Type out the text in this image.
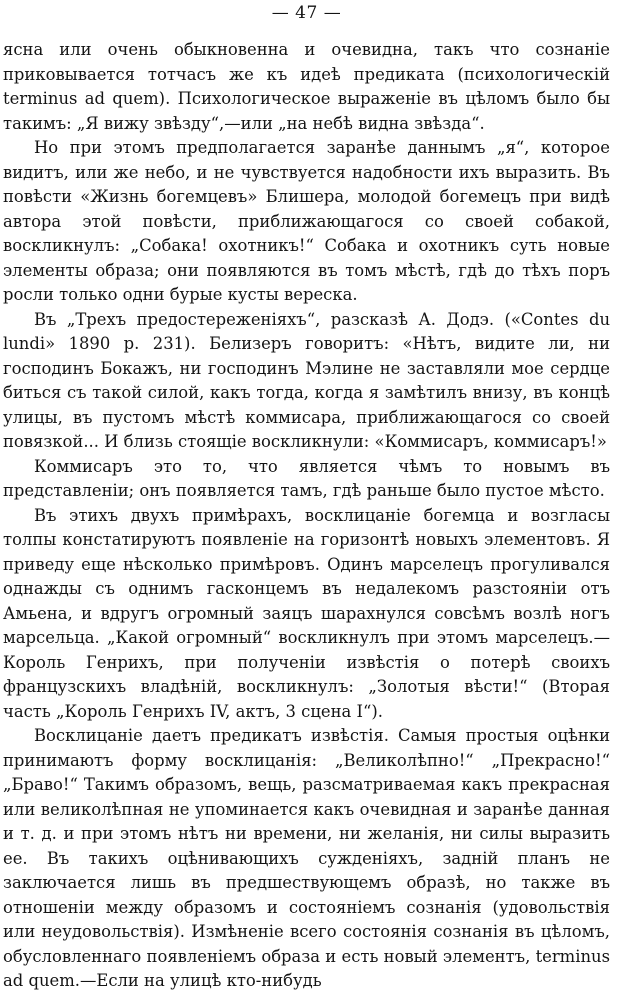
— 47 —

ясна или очень обыкновенна и очевидна, такъ что сознаніе приковывается тотчасъ же къ идеѣ предиката (психологическій terminus ad quem). Психологическое выраженіе въ цѣломъ было бы такимъ: „Я вижу звѣзду“,—или „на небѣ видна звѣзда“.

Но при этомъ предполагается заранѣе даннымъ „я“, которое видитъ, или же небо, и не чувствуется надобности ихъ выразить. Въ повѣсти «Жизнь богемцевъ» Блишера, молодой богемецъ при видѣ автора этой повѣсти, приближающагося со своей собакой, воскликнулъ: „Собака! охотникъ!“ Собака и охотникъ суть новые элементы образа; они появляются въ томъ мѣстѣ, гдѣ до тѣхъ поръ росли только одни бурые кусты вереска.

Въ „Трехъ предостереженіяхъ“, разсказѣ А. Додэ. («Contes du lundi» 1890 p. 231). Белизеръ говоритъ: «Нѣтъ, видите ли, ни господинъ Бокажъ, ни господинъ Мэлине не заставляли мое сердце биться съ такой силой, какъ тогда, когда я замѣтилъ внизу, въ концѣ улицы, въ пустомъ мѣстѣ коммисара, приближающагося со своей повязкой... И близь стоящіе воскликнули: «Коммисаръ, коммисаръ!»

Коммисаръ это то, что является чѣмъ то новымъ въ представленіи; онъ появляется тамъ, гдѣ раньше было пустое мѣсто.

Въ этихъ двухъ примѣрахъ, восклицаніе богемца и возгласы толпы констатируютъ появленіе на горизонтѣ новыхъ элементовъ. Я приведу еще нѣсколько примѣровъ. Одинъ марселецъ прогуливался однажды съ однимъ гасконцемъ въ недалекомъ разстояніи отъ Амьена, и вдругъ огромный заяцъ шарахнулся совсѣмъ возлѣ ногъ марсельца. „Какой огромный“ воскликнулъ при этомъ марселецъ.—Король Генрихъ, при полученіи извѣстія о потерѣ своихъ французскихъ владѣній, воскликнулъ: „Золотыя вѣсти!“ (Вторая часть „Король Генрихъ IV, актъ, 3 сцена I“).

Восклицаніе даетъ предикатъ извѣстія. Самыя простыя оцѣнки принимаютъ форму восклицанія: „Великолѣпно!“ „Прекрасно!“ „Браво!“ Такимъ образомъ, вещь, разсматриваемая какъ прекрасная или великолѣпная не упоминается какъ очевидная и заранѣе данная и т. д. и при этомъ нѣтъ ни времени, ни желанія, ни силы выразить ее. Въ такихъ оцѣнивающихъ сужденіяхъ, задній планъ не заключается лишь въ предшествующемъ образѣ, но также въ отношеніи между образомъ и состояніемъ сознанія (удовольствія или неудовольствія). Измѣненіе всего состоянія сознанія въ цѣломъ, обусловленнаго появленіемъ образа и есть новый элементъ, terminus ad quem.—Если на улицѣ кто-нибудь
